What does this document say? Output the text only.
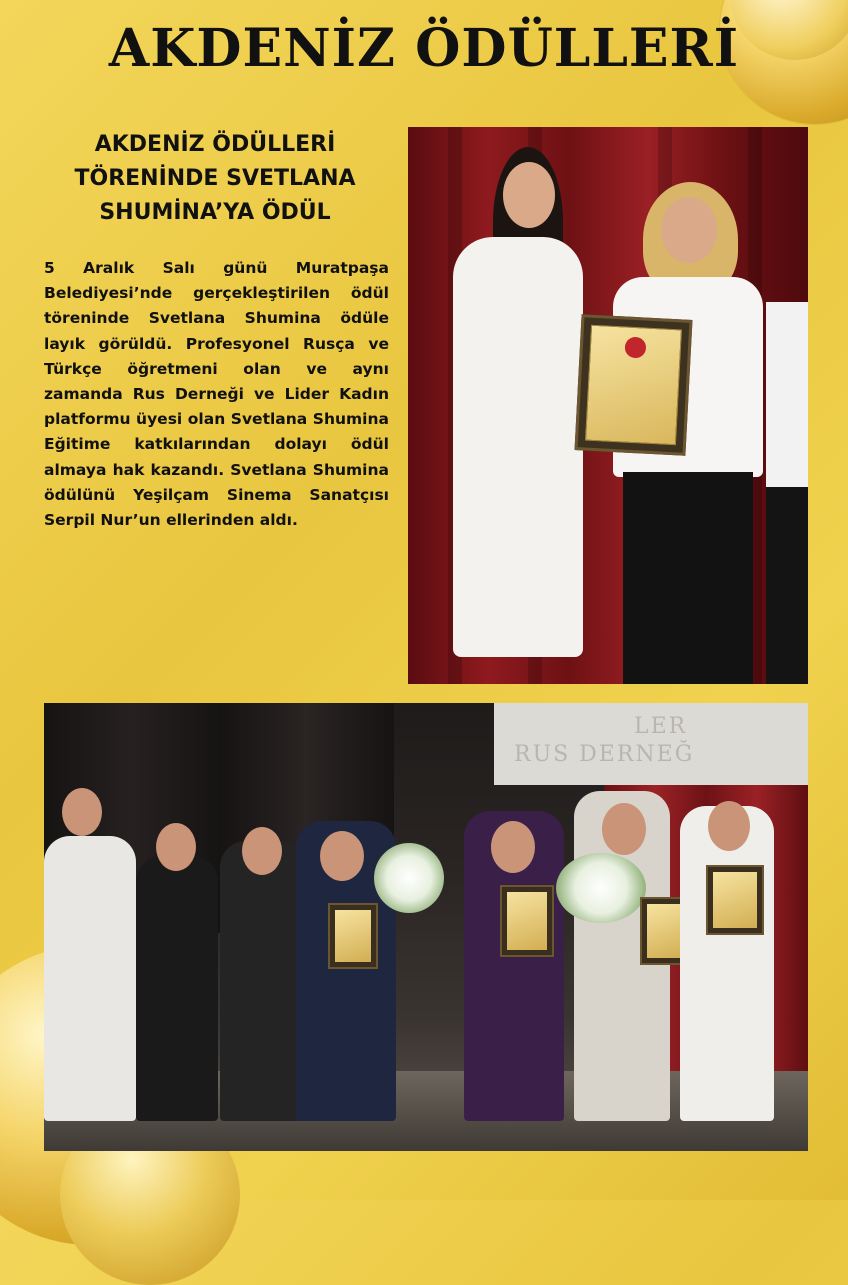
AKDENİZ ÖDÜLLERİ
AKDENİZ ÖDÜLLERİ
TÖRENİNDE SVETLANA
SHUMİNA’YA ÖDÜL

5 Aralık Salı günü Muratpaşa Belediyesi’nde gerçekleştirilen ödül töreninde Svetlana Shumina ödüle layık görüldü. Profesyonel Rusça ve Türkçe öğretmeni olan ve aynı zamanda Rus Derneği ve Lider Kadın platformu üyesi olan Svetlana Shumina Eğitime katkılarından dolayı ödül almaya hak kazandı. Svetlana Shumina ödülünü Yeşilçam Sinema Sanatçısı Serpil Nur’un ellerinden aldı.

LER
RUS DERNEĞ
